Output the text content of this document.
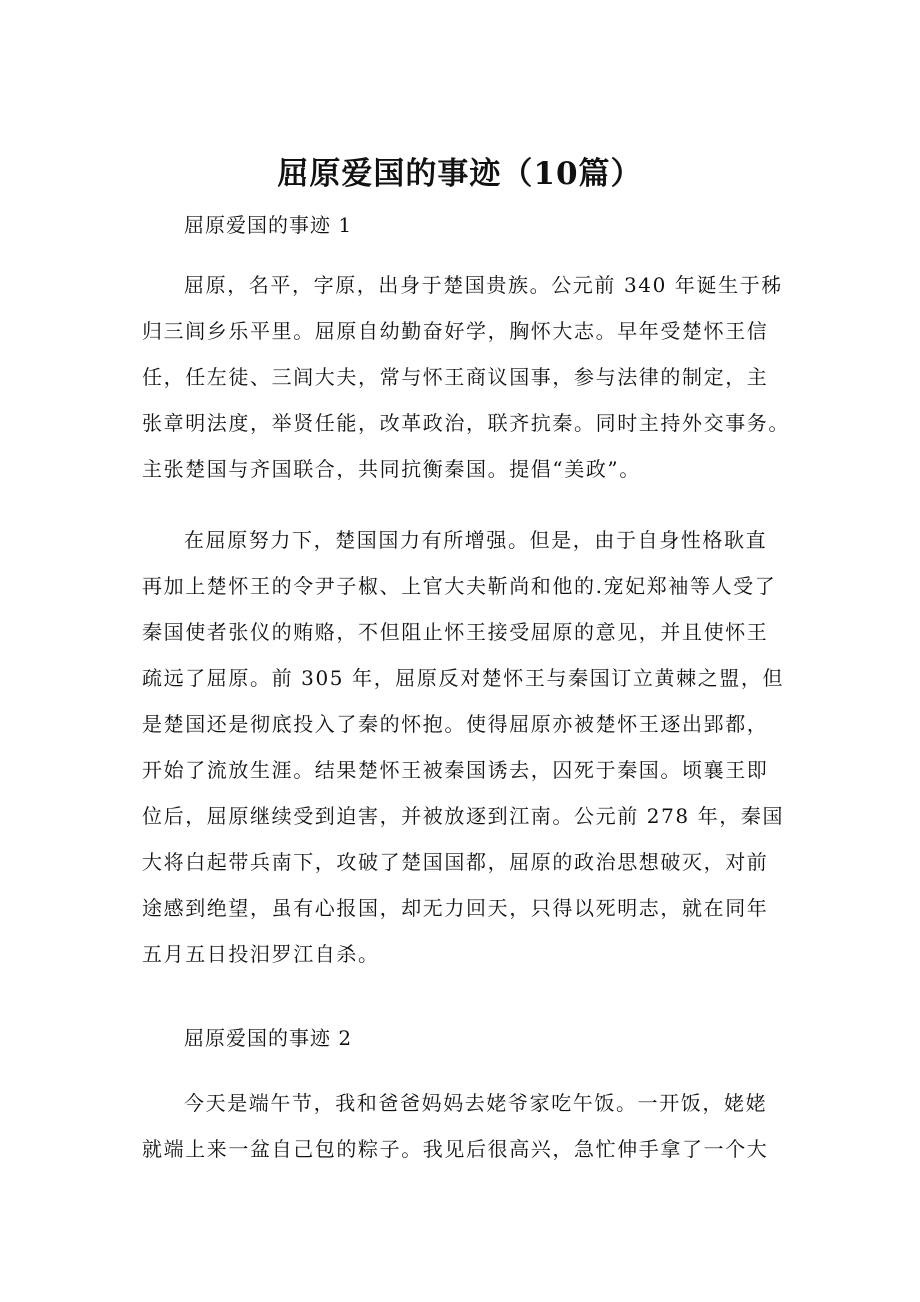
屈原爱国的事迹（10篇）
屈原爱国的事迹 1
屈原，名平，字原，出身于楚国贵族。公元前 340 年诞生于秭
归三闾乡乐平里。屈原自幼勤奋好学，胸怀大志。早年受楚怀王信
任，任左徒、三闾大夫，常与怀王商议国事，参与法律的制定，主
张章明法度，举贤任能，改革政治，联齐抗秦。同时主持外交事务。
主张楚国与齐国联合，共同抗衡秦国。提倡“美政”。
在屈原努力下，楚国国力有所增强。但是，由于自身性格耿直
再加上楚怀王的令尹子椒、上官大夫靳尚和他的.宠妃郑袖等人受了
秦国使者张仪的贿赂，不但阻止怀王接受屈原的意见，并且使怀王
疏远了屈原。前 305 年，屈原反对楚怀王与秦国订立黄棘之盟，但
是楚国还是彻底投入了秦的怀抱。使得屈原亦被楚怀王逐出郢都，
开始了流放生涯。结果楚怀王被秦国诱去，囚死于秦国。顷襄王即
位后，屈原继续受到迫害，并被放逐到江南。公元前 278 年，秦国
大将白起带兵南下，攻破了楚国国都，屈原的政治思想破灭，对前
途感到绝望，虽有心报国，却无力回天，只得以死明志，就在同年
五月五日投汨罗江自杀。
屈原爱国的事迹 2
今天是端午节，我和爸爸妈妈去姥爷家吃午饭。一开饭，姥姥
就端上来一盆自己包的粽子。我见后很高兴，急忙伸手拿了一个大
